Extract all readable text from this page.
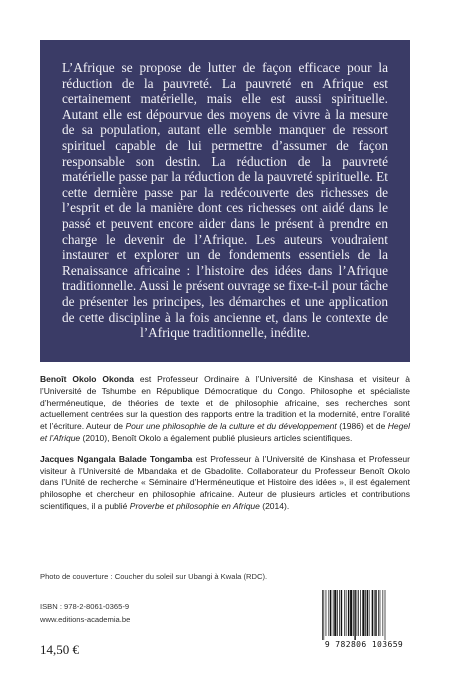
L’Afrique se propose de lutter de façon efficace pour la réduction de la pauvreté. La pauvreté en Afrique est certainement matérielle, mais elle est aussi spirituelle. Autant elle est dépourvue des moyens de vivre à la mesure de sa population, autant elle semble manquer de ressort spirituel capable de lui permettre d’assumer de façon responsable son destin. La réduction de la pauvreté matérielle passe par la réduction de la pauvreté spirituelle. Et cette dernière passe par la redécouverte des richesses de l’esprit et de la manière dont ces richesses ont aidé dans le passé et peuvent encore aider dans le présent à prendre en charge le devenir de l’Afrique. Les auteurs voudraient instaurer et explorer un de fondements essentiels de la Renaissance africaine : l’histoire des idées dans l’Afrique traditionnelle. Aussi le présent ouvrage se fixe-t-il pour tâche de présenter les principes, les démarches et une application de cette discipline à la fois ancienne et, dans le contexte de l’Afrique traditionnelle, inédite.

Benoît Okolo Okonda est Professeur Ordinaire à l’Université de Kinshasa et visiteur à l’Université de Tshumbe en République Démocratique du Congo. Philosophe et spécialiste d’herméneutique, de théories de texte et de philosophie africaine, ses recherches sont actuellement centrées sur la question des rapports entre la tradition et la modernité, entre l’oralité et l’écriture. Auteur de Pour une philosophie de la culture et du développement (1986) et de Hegel et l’Afrique (2010), Benoît Okolo a également publié plusieurs articles scientifiques.

Jacques Ngangala Balade Tongamba est Professeur à l’Université de Kinshasa et Professeur visiteur à l’Université de Mbandaka et de Gbadolite. Collaborateur du Professeur Benoît Okolo dans l’Unité de recherche « Séminaire d’Herméneutique et Histoire des idées », il est également philosophe et chercheur en philosophie africaine. Auteur de plusieurs articles et contributions scientifiques, il a publié Proverbe et philosophie en Afrique (2014).

Photo de couverture : Coucher du soleil sur Ubangi à Kwala (RDC).
ISBN : 978-2-8061-0365-9
www.editions-academia.be
14,50 €	9 782806 103659
